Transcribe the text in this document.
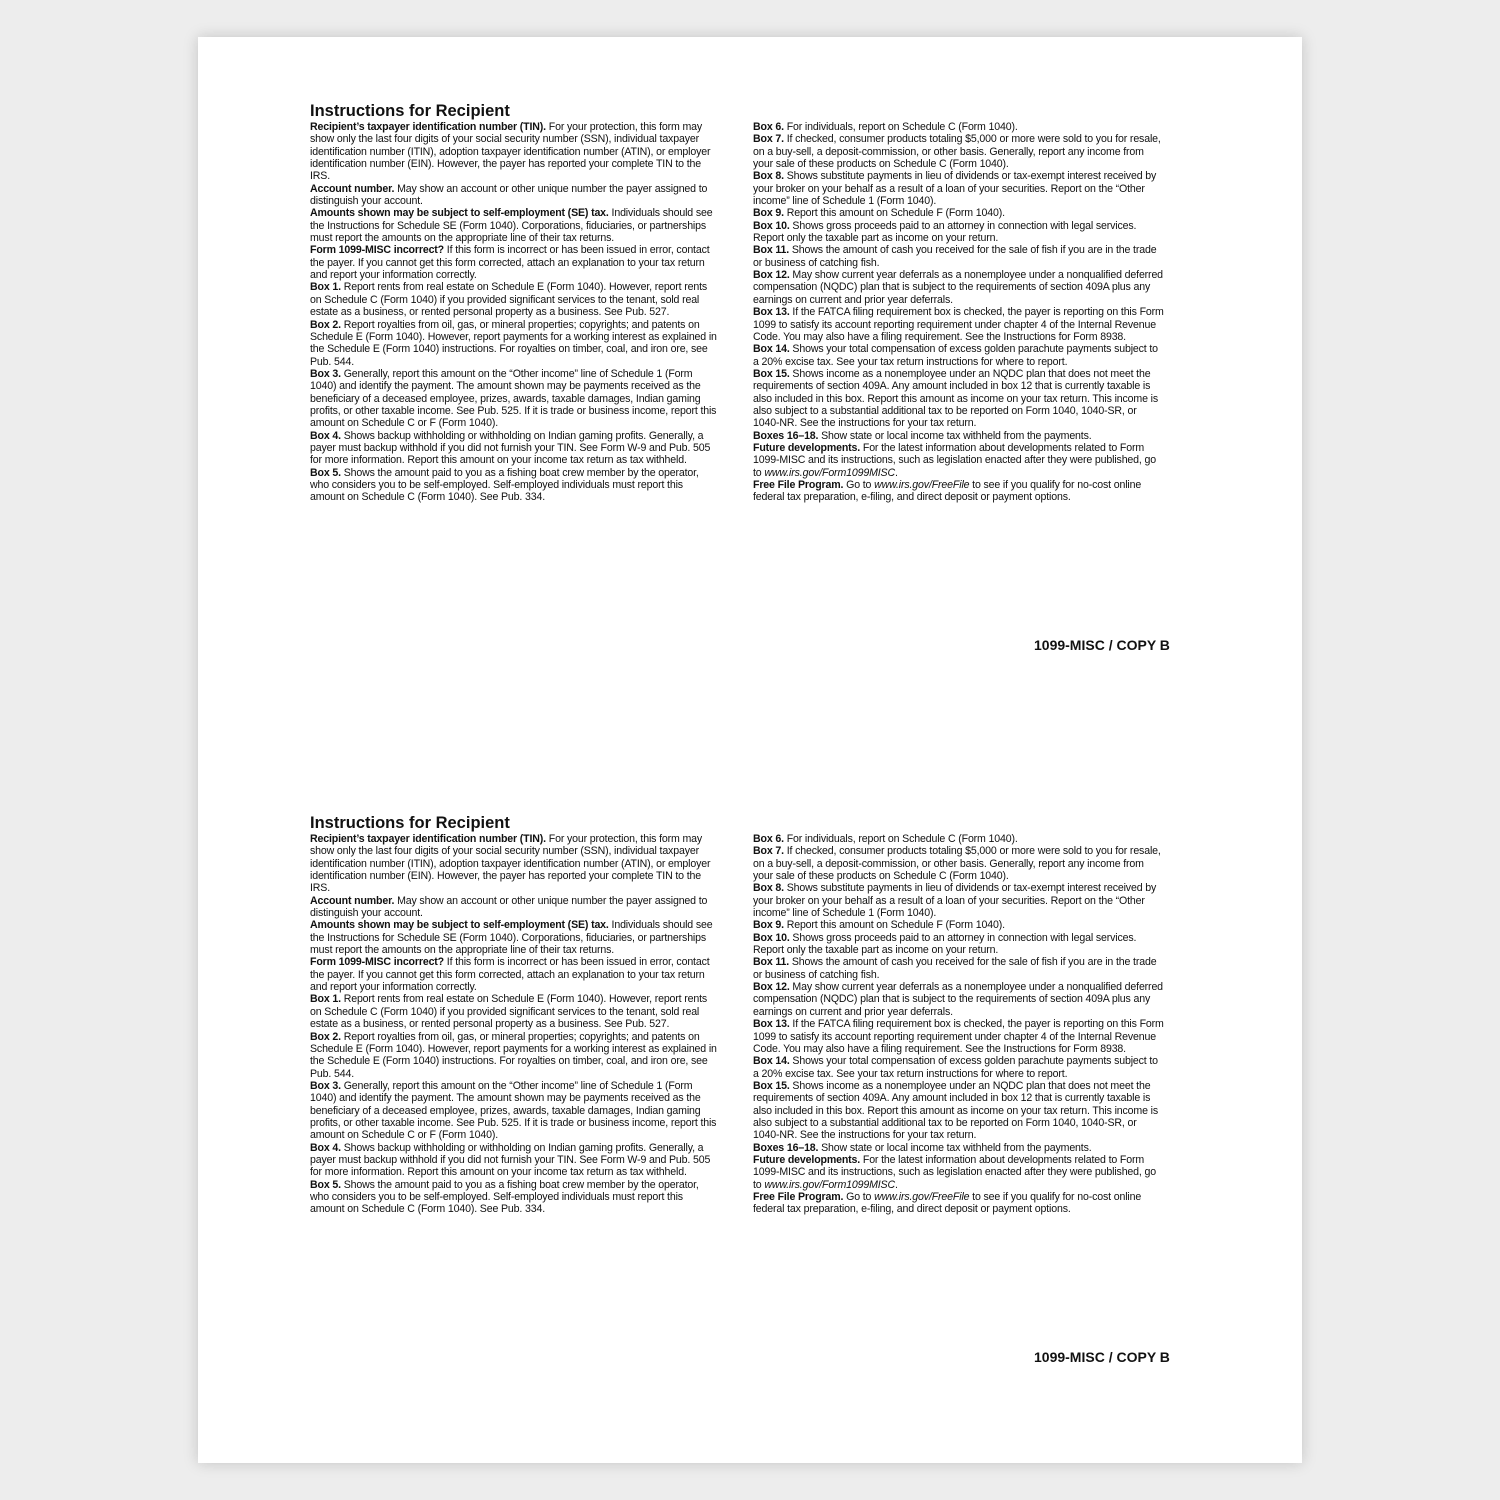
Instructions for Recipient

Recipient’s taxpayer identification number (TIN). For your protection, this form may show only the last four digits of your social security number (SSN), individual taxpayer identification number (ITIN), adoption taxpayer identification number (ATIN), or employer identification number (EIN). However, the payer has reported your complete TIN to the IRS.

Account number. May show an account or other unique number the payer assigned to distinguish your account.

Amounts shown may be subject to self-employment (SE) tax. Individuals should see the Instructions for Schedule SE (Form 1040). Corporations, fiduciaries, or partnerships must report the amounts on the appropriate line of their tax returns.

Form 1099-MISC incorrect? If this form is incorrect or has been issued in error, contact the payer. If you cannot get this form corrected, attach an explanation to your tax return and report your information correctly.

Box 1. Report rents from real estate on Schedule E (Form 1040). However, report rents on Schedule C (Form 1040) if you provided significant services to the tenant, sold real estate as a business, or rented personal property as a business. See Pub. 527.

Box 2. Report royalties from oil, gas, or mineral properties; copyrights; and patents on Schedule E (Form 1040). However, report payments for a working interest as explained in the Schedule E (Form 1040) instructions. For royalties on timber, coal, and iron ore, see Pub. 544.

Box 3. Generally, report this amount on the “Other income” line of Schedule 1 (Form 1040) and identify the payment. The amount shown may be payments received as the beneficiary of a deceased employee, prizes, awards, taxable damages, Indian gaming profits, or other taxable income. See Pub. 525. If it is trade or business income, report this amount on Schedule C or F (Form 1040).

Box 4. Shows backup withholding or withholding on Indian gaming profits. Generally, a payer must backup withhold if you did not furnish your TIN. See Form W-9 and Pub. 505 for more information. Report this amount on your income tax return as tax withheld.

Box 5. Shows the amount paid to you as a fishing boat crew member by the operator, who considers you to be self-employed. Self-employed individuals must report this amount on Schedule C (Form 1040). See Pub. 334.

Box 6. For individuals, report on Schedule C (Form 1040).

Box 7. If checked, consumer products totaling $5,000 or more were sold to you for resale, on a buy-sell, a deposit-commission, or other basis. Generally, report any income from your sale of these products on Schedule C (Form 1040).

Box 8. Shows substitute payments in lieu of dividends or tax-exempt interest received by your broker on your behalf as a result of a loan of your securities. Report on the “Other income” line of Schedule 1 (Form 1040).

Box 9. Report this amount on Schedule F (Form 1040).

Box 10. Shows gross proceeds paid to an attorney in connection with legal services. Report only the taxable part as income on your return.

Box 11. Shows the amount of cash you received for the sale of fish if you are in the trade or business of catching fish.

Box 12. May show current year deferrals as a nonemployee under a nonqualified deferred compensation (NQDC) plan that is subject to the requirements of section 409A plus any earnings on current and prior year deferrals.

Box 13. If the FATCA filing requirement box is checked, the payer is reporting on this Form 1099 to satisfy its account reporting requirement under chapter 4 of the Internal Revenue Code. You may also have a filing requirement. See the Instructions for Form 8938.

Box 14. Shows your total compensation of excess golden parachute payments subject to a 20% excise tax. See your tax return instructions for where to report.

Box 15. Shows income as a nonemployee under an NQDC plan that does not meet the requirements of section 409A. Any amount included in box 12 that is currently taxable is also included in this box. Report this amount as income on your tax return. This income is also subject to a substantial additional tax to be reported on Form 1040, 1040-SR, or 1040-NR. See the instructions for your tax return.

Boxes 16–18. Show state or local income tax withheld from the payments.

Future developments. For the latest information about developments related to Form 1099-MISC and its instructions, such as legislation enacted after they were published, go to www.irs.gov/Form1099MISC.

Free File Program. Go to www.irs.gov/FreeFile to see if you qualify for no-cost online federal tax preparation, e-filing, and direct deposit or payment options.

1099-MISC / COPY B
Instructions for Recipient

Recipient’s taxpayer identification number (TIN). For your protection, this form may show only the last four digits of your social security number (SSN), individual taxpayer identification number (ITIN), adoption taxpayer identification number (ATIN), or employer identification number (EIN). However, the payer has reported your complete TIN to the IRS.

Account number. May show an account or other unique number the payer assigned to distinguish your account.

Amounts shown may be subject to self-employment (SE) tax. Individuals should see the Instructions for Schedule SE (Form 1040). Corporations, fiduciaries, or partnerships must report the amounts on the appropriate line of their tax returns.

Form 1099-MISC incorrect? If this form is incorrect or has been issued in error, contact the payer. If you cannot get this form corrected, attach an explanation to your tax return and report your information correctly.

Box 1. Report rents from real estate on Schedule E (Form 1040). However, report rents on Schedule C (Form 1040) if you provided significant services to the tenant, sold real estate as a business, or rented personal property as a business. See Pub. 527.

Box 2. Report royalties from oil, gas, or mineral properties; copyrights; and patents on Schedule E (Form 1040). However, report payments for a working interest as explained in the Schedule E (Form 1040) instructions. For royalties on timber, coal, and iron ore, see Pub. 544.

Box 3. Generally, report this amount on the “Other income” line of Schedule 1 (Form 1040) and identify the payment. The amount shown may be payments received as the beneficiary of a deceased employee, prizes, awards, taxable damages, Indian gaming profits, or other taxable income. See Pub. 525. If it is trade or business income, report this amount on Schedule C or F (Form 1040).

Box 4. Shows backup withholding or withholding on Indian gaming profits. Generally, a payer must backup withhold if you did not furnish your TIN. See Form W-9 and Pub. 505 for more information. Report this amount on your income tax return as tax withheld.

Box 5. Shows the amount paid to you as a fishing boat crew member by the operator, who considers you to be self-employed. Self-employed individuals must report this amount on Schedule C (Form 1040). See Pub. 334.

Box 6. For individuals, report on Schedule C (Form 1040).

Box 7. If checked, consumer products totaling $5,000 or more were sold to you for resale, on a buy-sell, a deposit-commission, or other basis. Generally, report any income from your sale of these products on Schedule C (Form 1040).

Box 8. Shows substitute payments in lieu of dividends or tax-exempt interest received by your broker on your behalf as a result of a loan of your securities. Report on the “Other income” line of Schedule 1 (Form 1040).

Box 9. Report this amount on Schedule F (Form 1040).

Box 10. Shows gross proceeds paid to an attorney in connection with legal services. Report only the taxable part as income on your return.

Box 11. Shows the amount of cash you received for the sale of fish if you are in the trade or business of catching fish.

Box 12. May show current year deferrals as a nonemployee under a nonqualified deferred compensation (NQDC) plan that is subject to the requirements of section 409A plus any earnings on current and prior year deferrals.

Box 13. If the FATCA filing requirement box is checked, the payer is reporting on this Form 1099 to satisfy its account reporting requirement under chapter 4 of the Internal Revenue Code. You may also have a filing requirement. See the Instructions for Form 8938.

Box 14. Shows your total compensation of excess golden parachute payments subject to a 20% excise tax. See your tax return instructions for where to report.

Box 15. Shows income as a nonemployee under an NQDC plan that does not meet the requirements of section 409A. Any amount included in box 12 that is currently taxable is also included in this box. Report this amount as income on your tax return. This income is also subject to a substantial additional tax to be reported on Form 1040, 1040-SR, or 1040-NR. See the instructions for your tax return.

Boxes 16–18. Show state or local income tax withheld from the payments.

Future developments. For the latest information about developments related to Form 1099-MISC and its instructions, such as legislation enacted after they were published, go to www.irs.gov/Form1099MISC.

Free File Program. Go to www.irs.gov/FreeFile to see if you qualify for no-cost online federal tax preparation, e-filing, and direct deposit or payment options.

1099-MISC / COPY B
